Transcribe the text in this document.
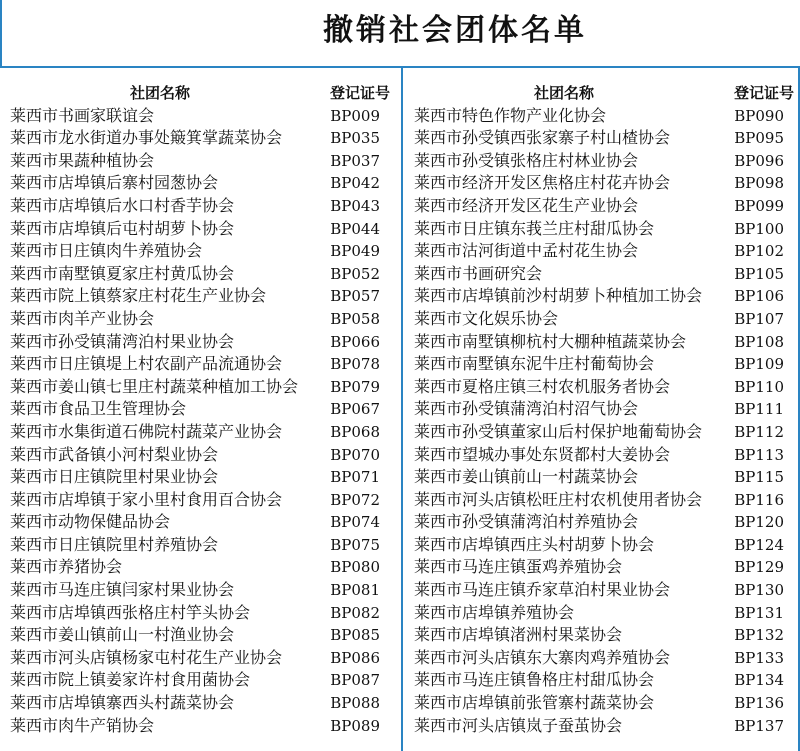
撤销社会团体名单
社团名称	登记证号
莱西市书画家联谊会	BP009
莱西市龙水街道办事处簸箕掌蔬菜协会	BP035
莱西市果蔬种植协会	BP037
莱西市店埠镇后寨村园葱协会	BP042
莱西市店埠镇后水口村香芋协会	BP043
莱西市店埠镇后屯村胡萝卜协会	BP044
莱西市日庄镇肉牛养殖协会	BP049
莱西市南墅镇夏家庄村黄瓜协会	BP052
莱西市院上镇蔡家庄村花生产业协会	BP057
莱西市肉羊产业协会	BP058
莱西市孙受镇蒲湾泊村果业协会	BP066
莱西市日庄镇堤上村农副产品流通协会	BP078
莱西市姜山镇七里庄村蔬菜种植加工协会 BP079
莱西市食品卫生管理协会	BP067
莱西市水集街道石佛院村蔬菜产业协会	BP068
莱西市武备镇小河村梨业协会	BP070
莱西市日庄镇院里村果业协会	BP071
莱西市店埠镇于家小里村食用百合协会	BP072
莱西市动物保健品协会	BP074
莱西市日庄镇院里村养殖协会	BP075
莱西市养猪协会	BP080
莱西市马连庄镇闫家村果业协会	BP081
莱西市店埠镇西张格庄村竽头协会	BP082
莱西市姜山镇前山一村渔业协会	BP085
莱西市河头店镇杨家屯村花生产业协会	BP086
莱西市院上镇姜家许村食用菌协会	BP087
莱西市店埠镇寨西头村蔬菜协会	BP088
莱西市肉牛产销协会	BP089
社团名称	登记证号
莱西市特色作物产业化协会	BP090
莱西市孙受镇西张家寨子村山楂协会	BP095
莱西市孙受镇张格庄村林业协会	BP096
莱西市经济开发区焦格庄村花卉协会	BP098
莱西市经济开发区花生产业协会	BP099
莱西市日庄镇东莪兰庄村甜瓜协会	BP100
莱西市沽河街道中孟村花生协会	BP102
莱西市书画研究会	BP105
莱西市店埠镇前沙村胡萝卜种植加工协会 BP106
莱西市文化娱乐协会	BP107
莱西市南墅镇柳杭村大棚种植蔬菜协会	BP108
莱西市南墅镇东泥牛庄村葡萄协会	BP109
莱西市夏格庄镇三村农机服务者协会	BP110
莱西市孙受镇蒲湾泊村沼气协会	BP111
莱西市孙受镇董家山后村保护地葡萄协会 BP112
莱西市望城办事处东贤都村大姜协会	BP113
莱西市姜山镇前山一村蔬菜协会	BP115
莱西市河头店镇松旺庄村农机使用者协会 BP116
莱西市孙受镇蒲湾泊村养殖协会	BP120
莱西市店埠镇西庄头村胡萝卜协会	BP124
莱西市马连庄镇蛋鸡养殖协会	BP129
莱西市马连庄镇乔家草泊村果业协会	BP130
莱西市店埠镇养殖协会	BP131
莱西市店埠镇渚洲村果菜协会	BP132
莱西市河头店镇东大寨肉鸡养殖协会	BP133
莱西市马连庄镇鲁格庄村甜瓜协会	BP134
莱西市店埠镇前张管寨村蔬菜协会	BP136
莱西市河头店镇岚子蚕茧协会	BP137
